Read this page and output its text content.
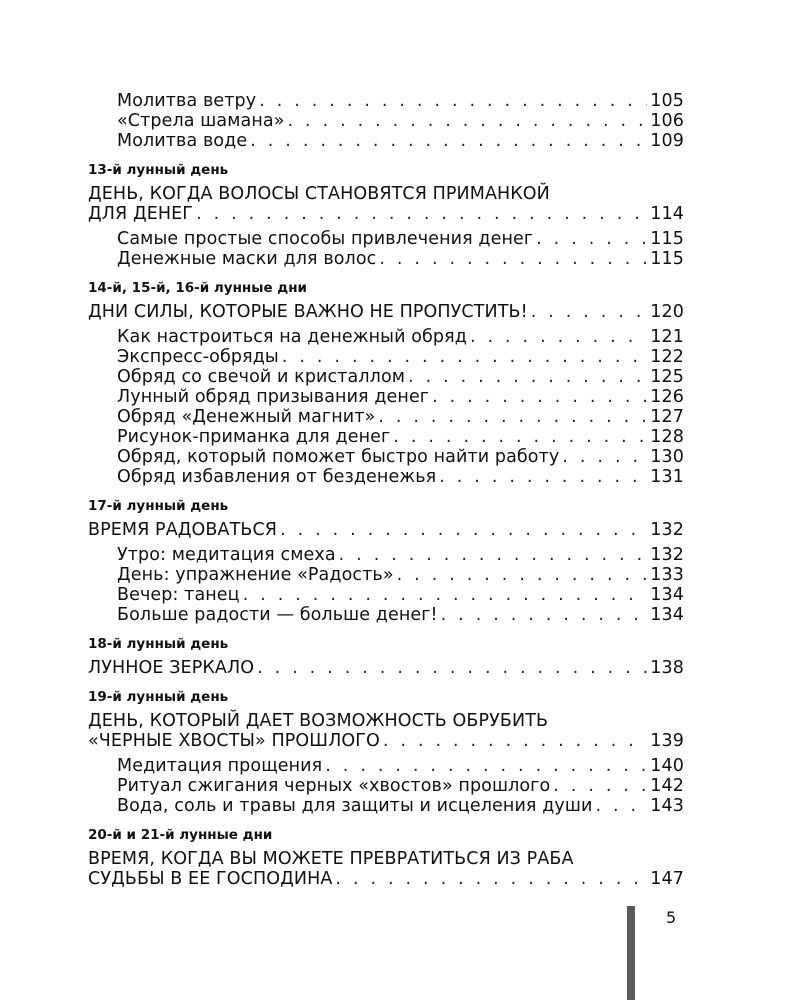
Молитва ветру . . .	105
«Стрела шамана» . . .	106
Молитва воде . . .	109
13-й лунный день
ДЕНЬ, КОГДА ВОЛОСЫ СТАНОВЯТСЯ ПРИМАНКОЙ
ДЛЯ ДЕНЕГ . . .	114
Самые простые способы привлечения денег . . .	115
Денежные маски для волос . . .	115
14-й, 15-й, 16-й лунные дни
ДНИ СИЛЫ, КОТОРЫЕ ВАЖНО НЕ ПРОПУСТИТЬ! . . .	120
Как настроиться на денежный обряд . . .	121
Экспресс-обряды . . .	122
Обряд со свечой и кристаллом . . .	125
Лунный обряд призывания денег . . .	126
Обряд «Денежный магнит» . . .	127
Рисунок-приманка для денег . . .	128
Обряд, который поможет быстро найти работу . . .	130
Обряд избавления от безденежья . . .	131
17-й лунный день
ВРЕМЯ РАДОВАТЬСЯ . . .	132
Утро: медитация смеха . . .	132
День: упражнение «Радость» . . .	133
Вечер: танец . . .	134
Больше радости — больше денег! . . .	134
18-й лунный день
ЛУННОЕ ЗЕРКАЛО . . .	138
19-й лунный день
ДЕНЬ, КОТОРЫЙ ДАЕТ ВОЗМОЖНОСТЬ ОБРУБИТЬ
«ЧЕРНЫЕ ХВОСТЫ» ПРОШЛОГО . . .	139
Медитация прощения . . .	140
Ритуал сжигания черных «хвостов» прошлого . . .	142
Вода, соль и травы для защиты и исцеления души . . .	143
20-й и 21-й лунные дни
ВРЕМЯ, КОГДА ВЫ МОЖЕТЕ ПРЕВРАТИТЬСЯ ИЗ РАБА
СУДЬБЫ В ЕЕ ГОСПОДИНА . . .	147
5
